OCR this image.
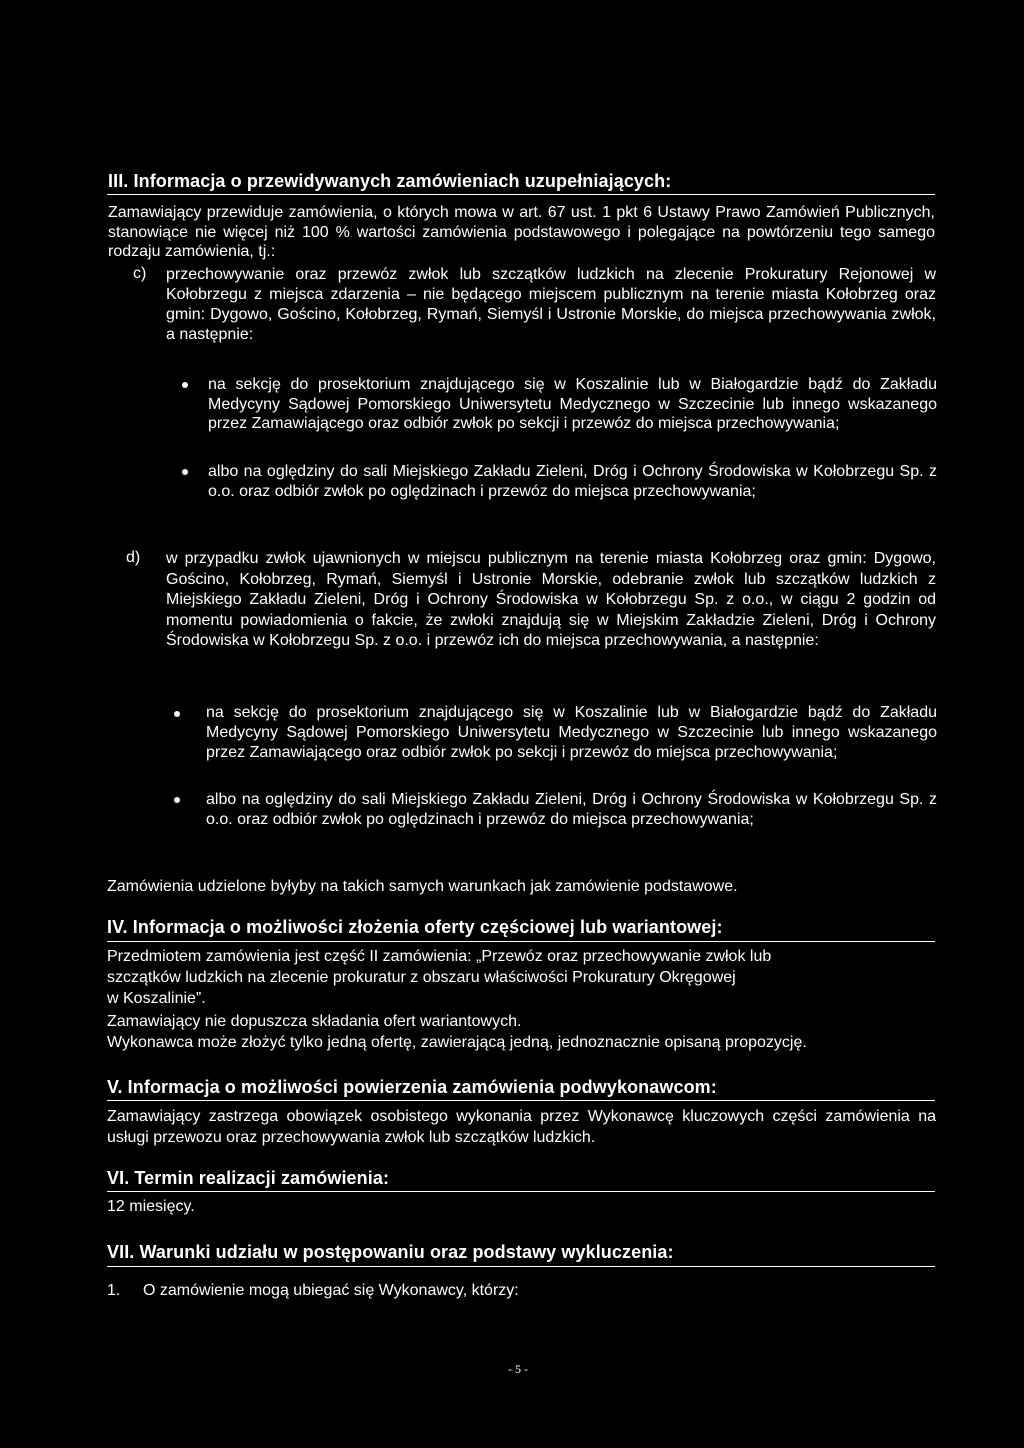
III. Informacja o przewidywanych zamówieniach uzupełniających:
Zamawiający przewiduje zamówienia, o których mowa w art. 67 ust. 1 pkt 6 Ustawy Prawo Zamówień Publicznych, stanowiące nie więcej niż 100 % wartości zamówienia podstawowego i polegające na powtórzeniu tego samego rodzaju zamówienia, tj.:
c) przechowywanie oraz przewóz zwłok lub szczątków ludzkich na zlecenie Prokuratury Rejonowej w Kołobrzegu z miejsca zdarzenia – nie będącego miejscem publicznym na terenie miasta Kołobrzeg oraz gmin: Dygowo, Gościno, Kołobrzeg, Rymań, Siemyśl i Ustronie Morskie, do miejsca przechowywania zwłok, a następnie:
na sekcję do prosektorium znajdującego się w Koszalinie lub w Białogardzie bądź do Zakładu Medycyny Sądowej Pomorskiego Uniwersytetu Medycznego w Szczecinie lub innego wskazanego przez Zamawiającego oraz odbiór zwłok po sekcji i przewóz do miejsca przechowywania;
albo na oględziny do sali Miejskiego Zakładu Zieleni, Dróg i Ochrony Środowiska w Kołobrzegu Sp. z o.o. oraz odbiór zwłok po oględzinach i przewóz do miejsca przechowywania;
d) w przypadku zwłok ujawnionych w miejscu publicznym na terenie miasta Kołobrzeg oraz gmin: Dygowo, Gościno, Kołobrzeg, Rymań, Siemyśl i Ustronie Morskie, odebranie zwłok lub szczątków ludzkich z Miejskiego Zakładu Zieleni, Dróg i Ochrony Środowiska w Kołobrzegu Sp. z o.o., w ciągu 2 godzin od momentu powiadomienia o fakcie, że zwłoki znajdują się w Miejskim Zakładzie Zieleni, Dróg i Ochrony Środowiska w Kołobrzegu Sp. z o.o. i przewóz ich do miejsca przechowywania, a następnie:
na sekcję do prosektorium znajdującego się w Koszalinie lub w Białogardzie bądź do Zakładu Medycyny Sądowej Pomorskiego Uniwersytetu Medycznego w Szczecinie lub innego wskazanego przez Zamawiającego oraz odbiór zwłok po sekcji i przewóz do miejsca przechowywania;
albo na oględziny do sali Miejskiego Zakładu Zieleni, Dróg i Ochrony Środowiska w Kołobrzegu Sp. z o.o. oraz odbiór zwłok po oględzinach i przewóz do miejsca przechowywania;
Zamówienia udzielone byłyby na takich samych warunkach jak zamówienie podstawowe.
IV. Informacja o możliwości złożenia oferty częściowej lub wariantowej:
Przedmiotem zamówienia jest część II zamówienia: „Przewóz oraz przechowywanie zwłok lub
szczątków ludzkich na zlecenie prokuratur z obszaru właściwości Prokuratury Okręgowej
w Koszalinie”.
Zamawiający nie dopuszcza składania ofert wariantowych.
Wykonawca może złożyć tylko jedną ofertę, zawierającą jedną, jednoznacznie opisaną propozycję.
V. Informacja o możliwości powierzenia zamówienia podwykonawcom:
Zamawiający zastrzega obowiązek osobistego wykonania przez Wykonawcę kluczowych części zamówienia na usługi przewozu oraz przechowywania zwłok lub szczątków ludzkich.
VI. Termin realizacji zamówienia:
12 miesięcy.
VII. Warunki udziału w postępowaniu oraz podstawy wykluczenia:
1. O zamówienie mogą ubiegać się Wykonawcy, którzy:
- 5 -
